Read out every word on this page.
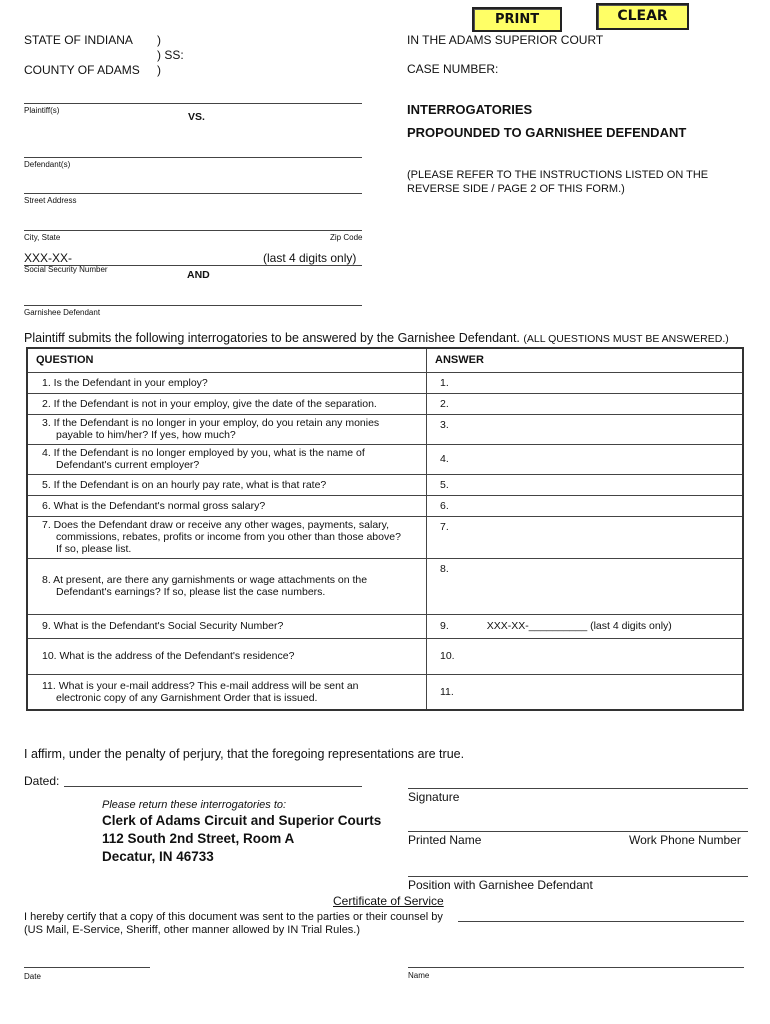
PRINT	CLEAR
STATE OF INDIANA )
) SS:
COUNTY OF ADAMS )
IN THE ADAMS SUPERIOR COURT
CASE NUMBER:
Plaintiff(s)
VS.	INTERROGATORIES
PROPOUNDED TO GARNISHEE DEFENDANT
(PLEASE REFER TO THE INSTRUCTIONS LISTED ON THE
REVERSE SIDE / PAGE 2 OF THIS FORM.)
Defendant(s)
Street Address
City, State	Zip Code
XXX-XX-	(last 4 digits only)
Social Security Number	AND
Garnishee Defendant
Plaintiff submits the following interrogatories to be answered by the Garnishee Defendant. (ALL QUESTIONS MUST BE ANSWERED.)
QUESTION	ANSWER

1. Is the Defendant in your employ?	1.

2. If the Defendant is not in your employ, give the date of the separation.	2.

3. If the Defendant is no longer in your employ, do you retain any monies
payable to him/her? If yes, how much?	3.

4. If the Defendant is no longer employed by you, what is the name of
Defendant's current employer?	4.

5. If the Defendant is on an hourly pay rate, what is that rate?	5.

6. What is the Defendant's normal gross salary?	6.

7. Does the Defendant draw or receive any other wages, payments, salary,
commissions, rebates, profits or income from you other than those above?
If so, please list.	7.

8. At present, are there any garnishments or wage attachments on the
Defendant's earnings? If so, please list the case numbers.	8.

9. What is the Defendant's Social Security Number?	9. XXX-XX-__________ (last 4 digits only)

10. What is the address of the Defendant's residence?	10.

11. What is your e-mail address? This e-mail address will be sent an
electronic copy of any Garnishment Order that is issued.	11.
I affirm, under the penalty of perjury, that the foregoing representations are true.
Dated:
Please return these interrogatories to:
Clerk of Adams Circuit and Superior Courts
112 South 2nd Street, Room A
Decatur, IN 46733
Signature
Printed Name	Work Phone Number
Position with Garnishee Defendant
Certificate of Service
I hereby certify that a copy of this document was sent to the parties or their counsel by
(US Mail, E-Service, Sheriff, other manner allowed by IN Trial Rules.)
Date	Name
